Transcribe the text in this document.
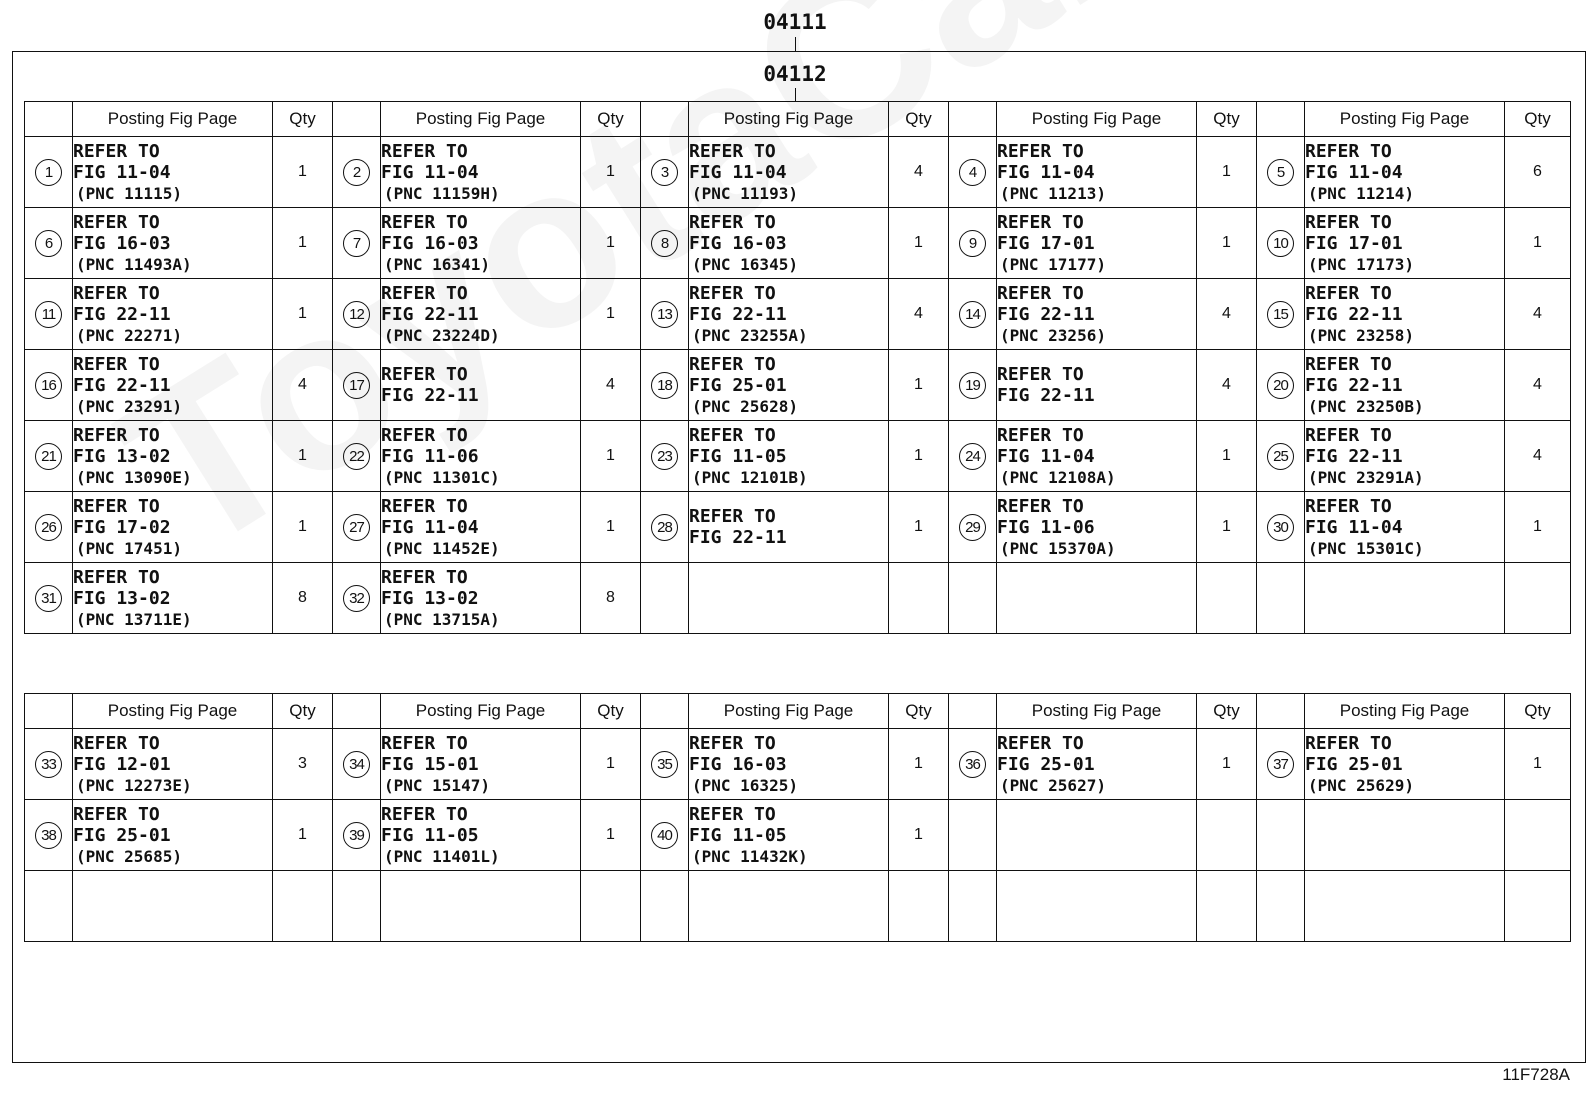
04111
04112
	Posting Fig Page	Qty		Posting Fig Page	Qty		Posting Fig Page	Qty		Posting Fig Page	Qty		Posting Fig Page	Qty
1	REFER TO
FIG 11-04
(PNC 11115)	1	2	REFER TO
FIG 11-04
(PNC 11159H)	1	3	REFER TO
FIG 11-04
(PNC 11193)	4	4	REFER TO
FIG 11-04
(PNC 11213)	1	5	REFER TO
FIG 11-04
(PNC 11214)	6
6	REFER TO
FIG 16-03
(PNC 11493A)	1	7	REFER TO
FIG 16-03
(PNC 16341)	1	8	REFER TO
FIG 16-03
(PNC 16345)	1	9	REFER TO
FIG 17-01
(PNC 17177)	1	10	REFER TO
FIG 17-01
(PNC 17173)	1
11	REFER TO
FIG 22-11
(PNC 22271)	1	12	REFER TO
FIG 22-11
(PNC 23224D)	1	13	REFER TO
FIG 22-11
(PNC 23255A)	4	14	REFER TO
FIG 22-11
(PNC 23256)	4	15	REFER TO
FIG 22-11
(PNC 23258)	4
16	REFER TO
FIG 22-11
(PNC 23291)	4	17	REFER TO
FIG 22-11	4	18	REFER TO
FIG 25-01
(PNC 25628)	1	19	REFER TO
FIG 22-11	4	20	REFER TO
FIG 22-11
(PNC 23250B)	4
21	REFER TO
FIG 13-02
(PNC 13090E)	1	22	REFER TO
FIG 11-06
(PNC 11301C)	1	23	REFER TO
FIG 11-05
(PNC 12101B)	1	24	REFER TO
FIG 11-04
(PNC 12108A)	1	25	REFER TO
FIG 22-11
(PNC 23291A)	4
26	REFER TO
FIG 17-02
(PNC 17451)	1	27	REFER TO
FIG 11-04
(PNC 11452E)	1	28	REFER TO
FIG 22-11	1	29	REFER TO
FIG 11-06
(PNC 15370A)	1	30	REFER TO
FIG 11-04
(PNC 15301C)	1
31	REFER TO
FIG 13-02
(PNC 13711E)	8	32	REFER TO
FIG 13-02
(PNC 13715A)	8									
	Posting Fig Page	Qty		Posting Fig Page	Qty		Posting Fig Page	Qty		Posting Fig Page	Qty		Posting Fig Page	Qty
33	REFER TO
FIG 12-01
(PNC 12273E)	3	34	REFER TO
FIG 15-01
(PNC 15147)	1	35	REFER TO
FIG 16-03
(PNC 16325)	1	36	REFER TO
FIG 25-01
(PNC 25627)	1	37	REFER TO
FIG 25-01
(PNC 25629)	1
38	REFER TO
FIG 25-01
(PNC 25685)	1	39	REFER TO
FIG 11-05
(PNC 11401L)	1	40	REFER TO
FIG 11-05
(PNC 11432K)	1						

11F728A
